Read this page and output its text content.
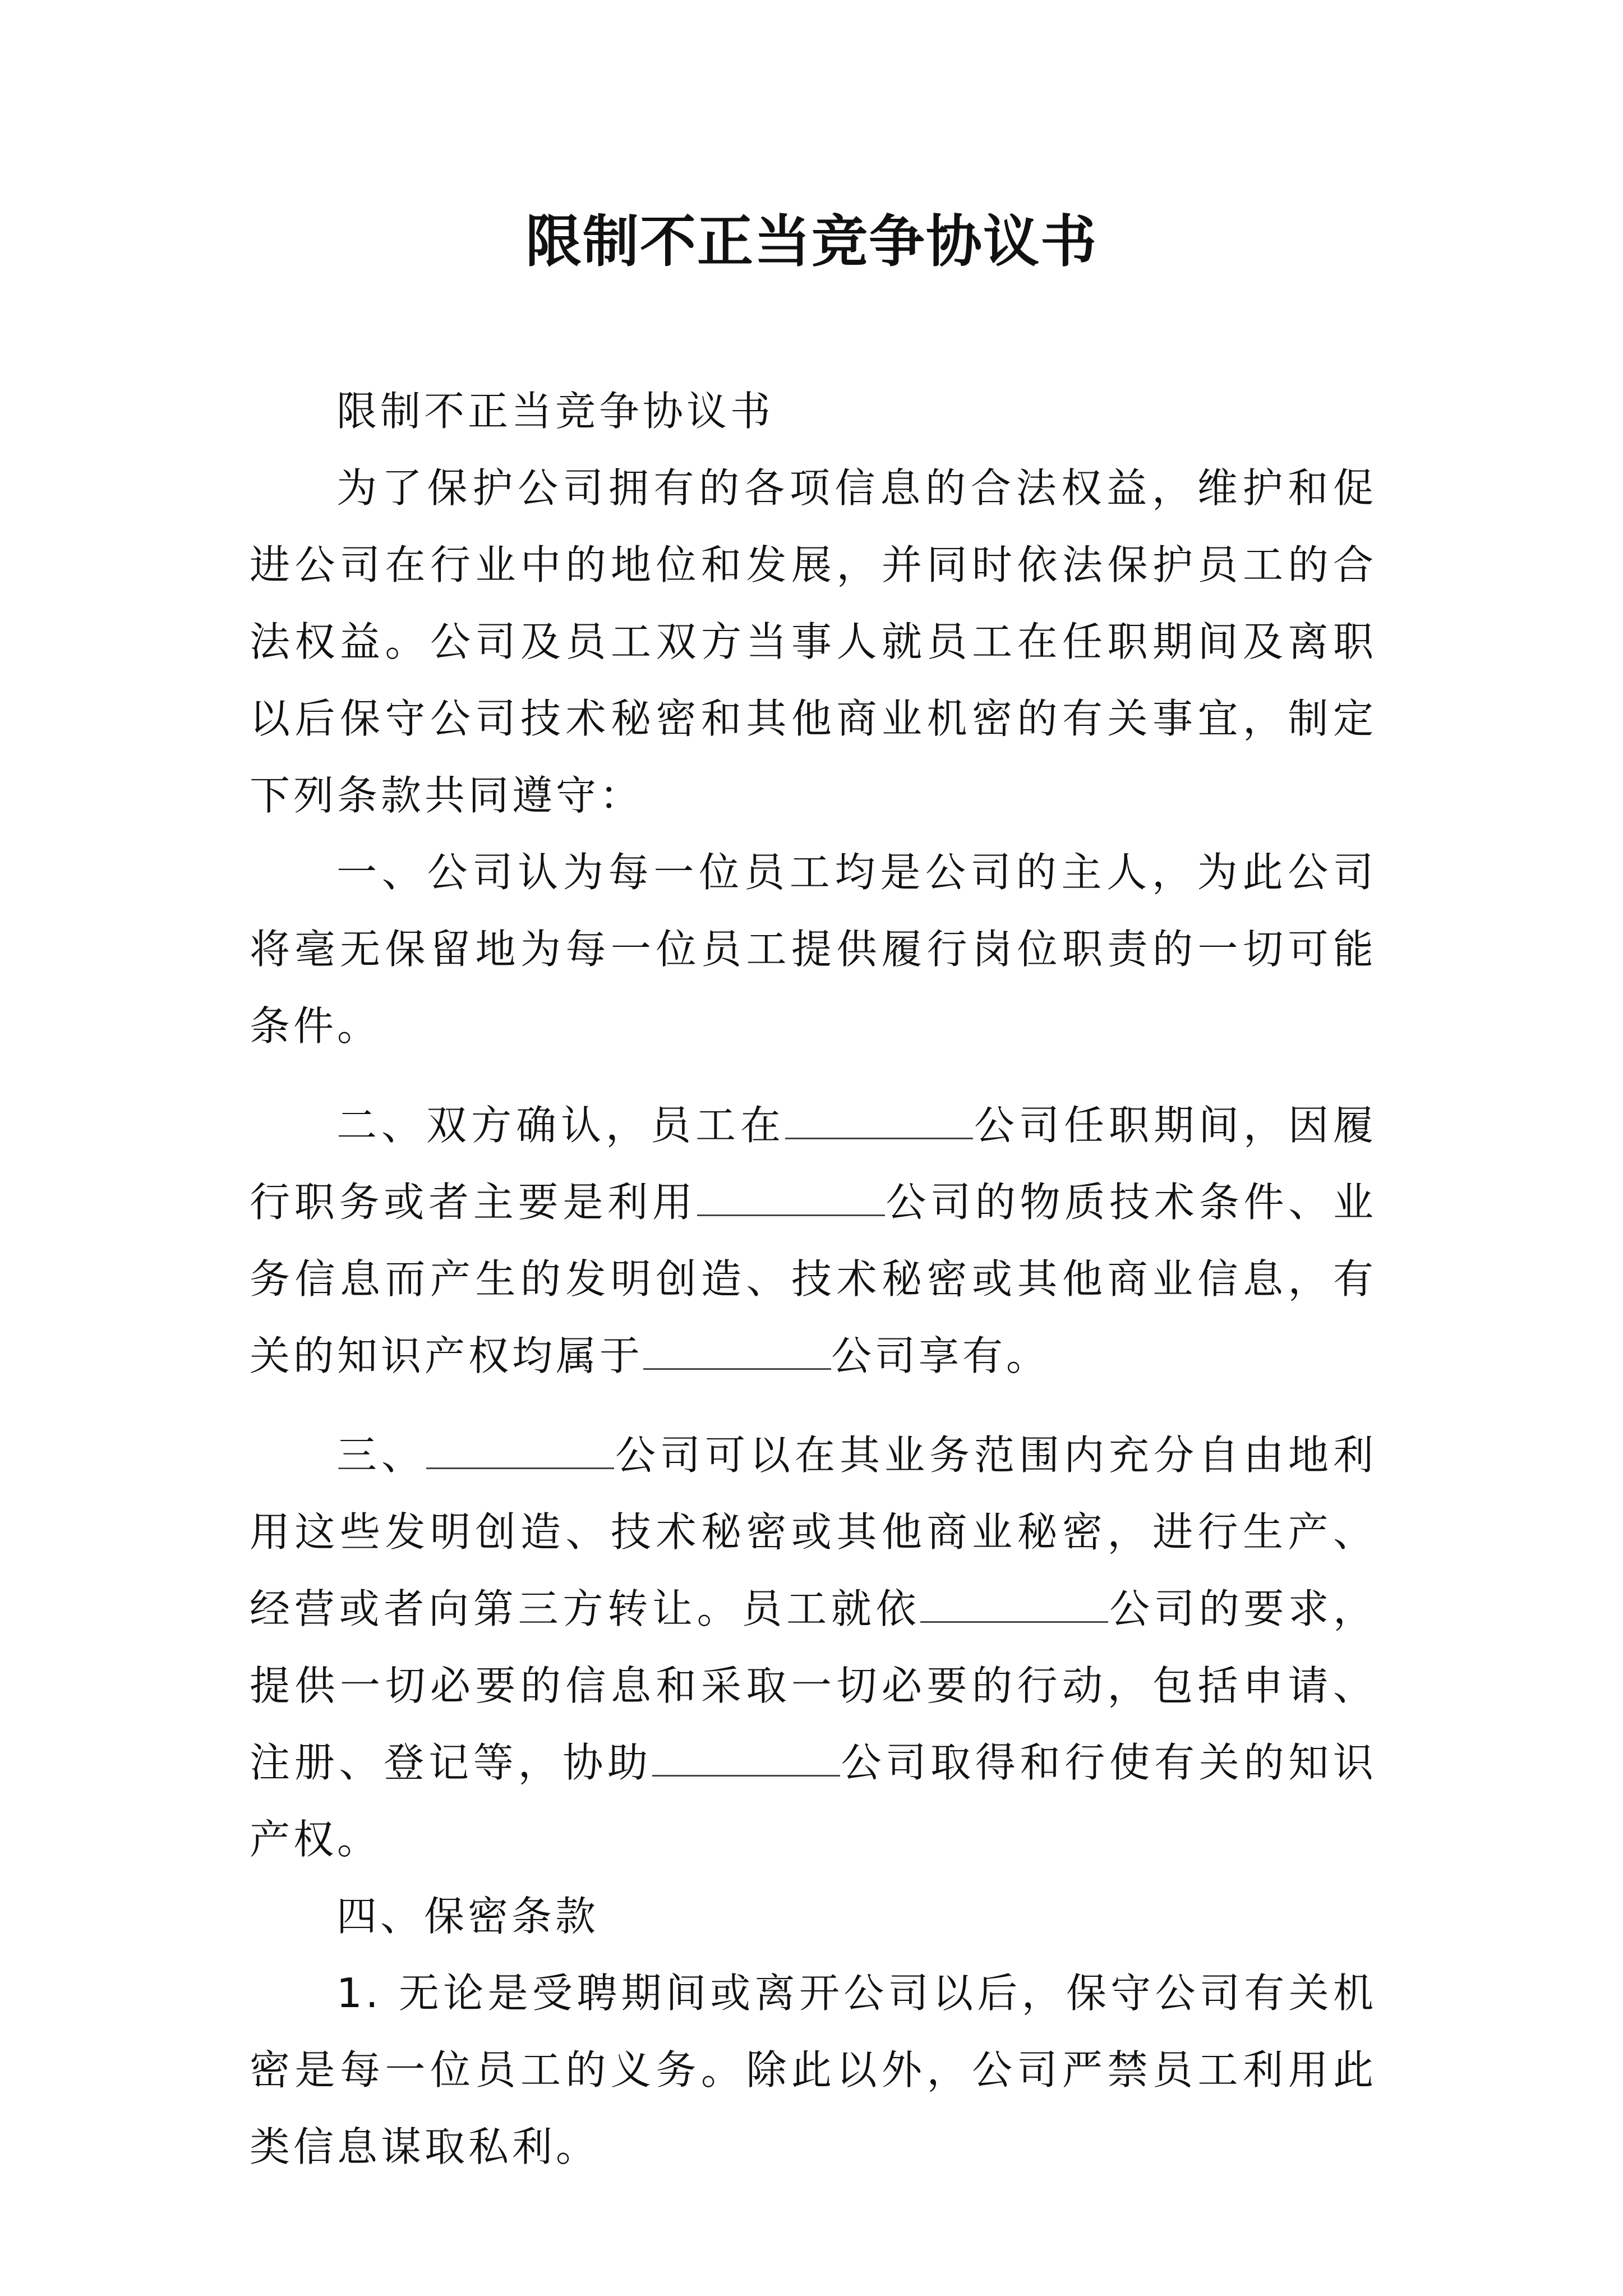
限制不正当竞争协议书

限制不正当竞争协议书

为了保护公司拥有的各项信息的合法权益，维护和促进公司在行业中的地位和发展，并同时依法保护员工的合法权益。公司及员工双方当事人就员工在任职期间及离职以后保守公司技术秘密和其他商业机密的有关事宜，制定下列条款共同遵守：

一、公司认为每一位员工均是公司的主人，为此公司将毫无保留地为每一位员工提供履行岗位职责的一切可能条件。

二、双方确认，员工在	公司任职期间，因履行职务或者主要是利用	公司的物质技术条件、业务信息而产生的发明创造、技术秘密或其他商业信息，有关的知识产权均属于	公司享有。

三、	公司可以在其业务范围内充分自由地利用这些发明创造、技术秘密或其他商业秘密，进行生产、经营或者向第三方转让。员工就依	公司的要求，提供一切必要的信息和采取一切必要的行动，包括申请、注册、登记等，协助	公司取得和行使有关的知识产权。

四、保密条款

1. 无论是受聘期间或离开公司以后，保守公司有关机密是每一位员工的义务。除此以外，公司严禁员工利用此类信息谋取私利。
